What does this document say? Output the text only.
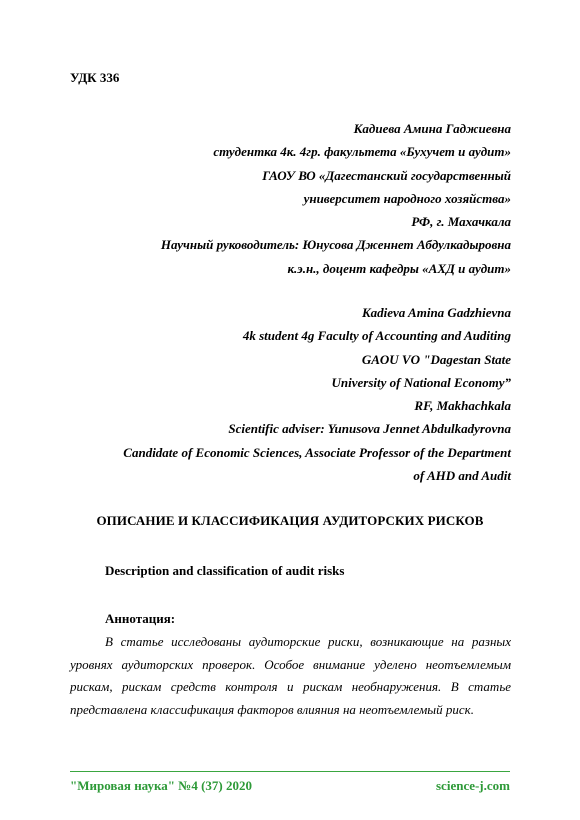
УДК 336
Кадиева Амина Гаджиевна
студентка 4к. 4гр. факультета «Бухучет и аудит»
ГАОУ ВО «Дагестанский государственный
университет народного хозяйства»
РФ, г. Махачкала
Научный руководитель: Юнусова Дженнет Абдулкадыровна
к.э.н., доцент кафедры «АХД и аудит»
Kadieva Amina Gadzhievna
4k student 4g Faculty of Accounting and Auditing
GAOU VO "Dagestan State
University of National Economy”
RF, Makhachkala
Scientific adviser: Yunusova Jennet Abdulkadyrovna
Candidate of Economic Sciences, Associate Professor of the Department
of AHD and Audit
ОПИСАНИЕ И КЛАССИФИКАЦИЯ АУДИТОРСКИХ РИСКОВ
Description and classification of audit risks
Аннотация:
В статье исследованы аудиторские риски, возникающие на разных уровнях аудиторских проверок. Особое внимание уделено неотъемлемым рискам, рискам средств контроля и рискам необнаружения. В статье представлена классификация факторов влияния на неотъемлемый риск.
"Мировая наука" №4 (37) 2020	science-j.com
